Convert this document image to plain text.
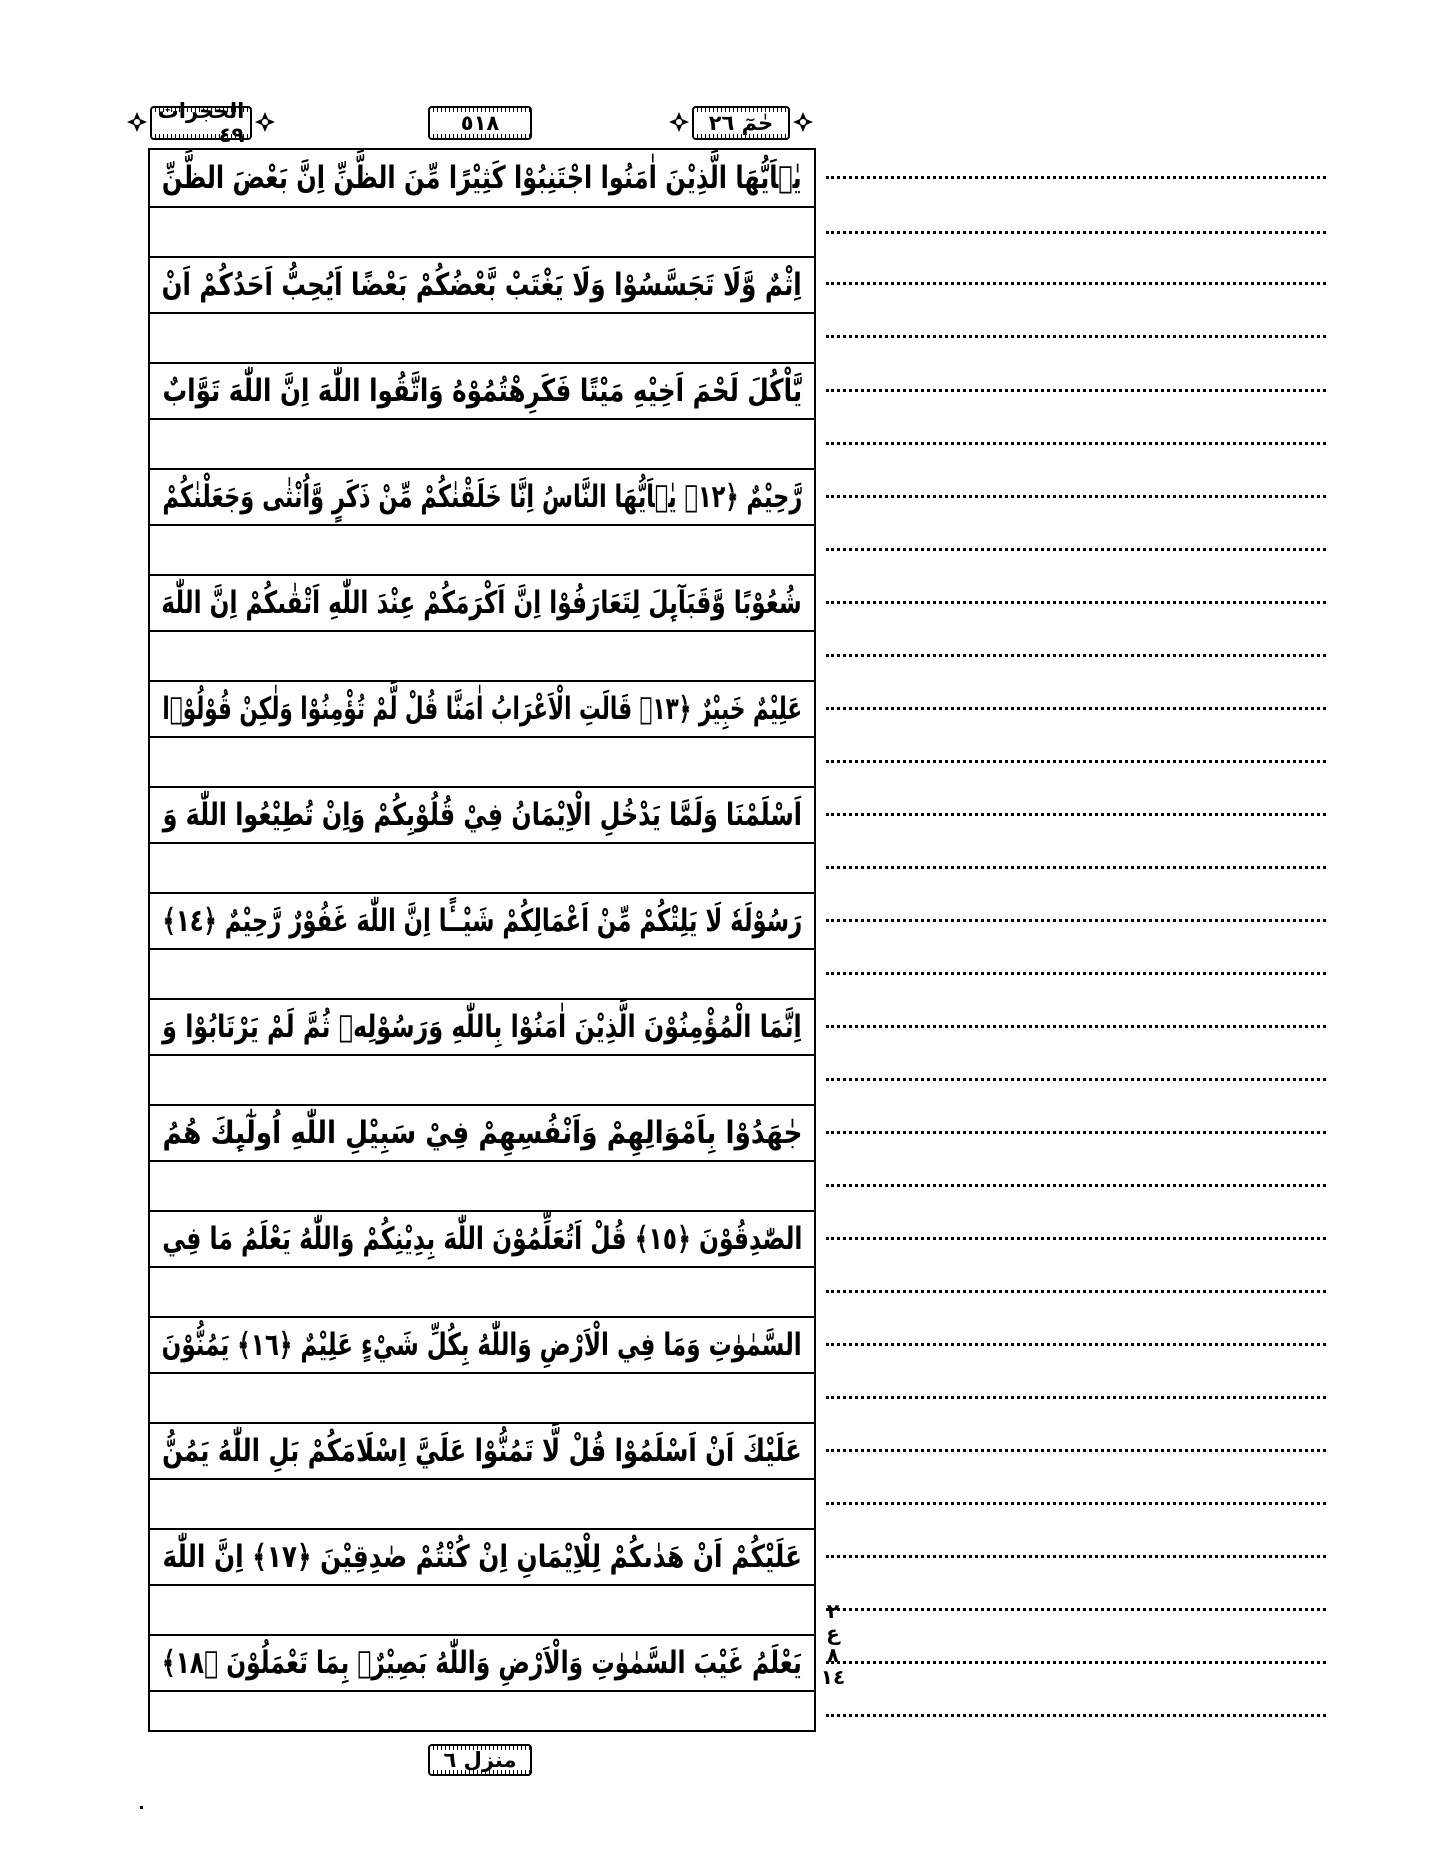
الحجرات ٤٩	٥١٨	حٰمٓ ٢٦
يٰۤاَيُّهَا الَّذِيْنَ اٰمَنُوا اجْتَنِبُوْا كَثِيْرًا مِّنَ الظَّنِّ اِنَّ بَعْضَ الظَّنِّ
اِثْمٌ وَّلَا تَجَسَّسُوْا وَلَا يَغْتَبْ بَّعْضُكُمْ بَعْضًا اَيُحِبُّ اَحَدُكُمْ اَنْ
يَّاْكُلَ لَحْمَ اَخِيْهِ مَيْتًا فَكَرِهْتُمُوْهُ وَاتَّقُوا اللّٰهَ اِنَّ اللّٰهَ تَوَّابٌ
رَّحِيْمٌ ﴿١٢﴾ يٰۤاَيُّهَا النَّاسُ اِنَّا خَلَقْنٰكُمْ مِّنْ ذَكَرٍ وَّاُنْثٰى وَجَعَلْنٰكُمْ
شُعُوْبًا وَّقَبَآىِٕلَ لِتَعَارَفُوْا اِنَّ اَكْرَمَكُمْ عِنْدَ اللّٰهِ اَتْقٰىكُمْ اِنَّ اللّٰهَ
عَلِيْمٌ خَبِيْرٌ ﴿١٣﴾ قَالَتِ الْاَعْرَابُ اٰمَنَّا قُلْ لَّمْ تُؤْمِنُوْا وَلٰكِنْ قُوْلُوْۤا
اَسْلَمْنَا وَلَمَّا يَدْخُلِ الْاِيْمَانُ فِيْ قُلُوْبِكُمْ وَاِنْ تُطِيْعُوا اللّٰهَ وَ
رَسُوْلَهٗ لَا يَلِتْكُمْ مِّنْ اَعْمَالِكُمْ شَيْــًٔا اِنَّ اللّٰهَ غَفُوْرٌ رَّحِيْمٌ ﴿١٤﴾
اِنَّمَا الْمُؤْمِنُوْنَ الَّذِيْنَ اٰمَنُوْا بِاللّٰهِ وَرَسُوْلِهٖ ثُمَّ لَمْ يَرْتَابُوْا وَ
جٰهَدُوْا بِاَمْوَالِهِمْ وَاَنْفُسِهِمْ فِيْ سَبِيْلِ اللّٰهِ اُولٰٓىِٕكَ هُمُ
الصّٰدِقُوْنَ ﴿١٥﴾ قُلْ اَتُعَلِّمُوْنَ اللّٰهَ بِدِيْنِكُمْ وَاللّٰهُ يَعْلَمُ مَا فِي
السَّمٰوٰتِ وَمَا فِي الْاَرْضِ وَاللّٰهُ بِكُلِّ شَيْءٍ عَلِيْمٌ ﴿١٦﴾ يَمُنُّوْنَ
عَلَيْكَ اَنْ اَسْلَمُوْا قُلْ لَّا تَمُنُّوْا عَلَيَّ اِسْلَامَكُمْ بَلِ اللّٰهُ يَمُنُّ
عَلَيْكُمْ اَنْ هَدٰىكُمْ لِلْاِيْمَانِ اِنْ كُنْتُمْ صٰدِقِيْنَ ﴿١٧﴾ اِنَّ اللّٰهَ
يَعْلَمُ غَيْبَ السَّمٰوٰتِ وَالْاَرْضِ وَاللّٰهُ بَصِيْرٌۢ بِمَا تَعْمَلُوْنَ ﴿١٨﴾
٢
ع ٨
١٤
منزل ٦
